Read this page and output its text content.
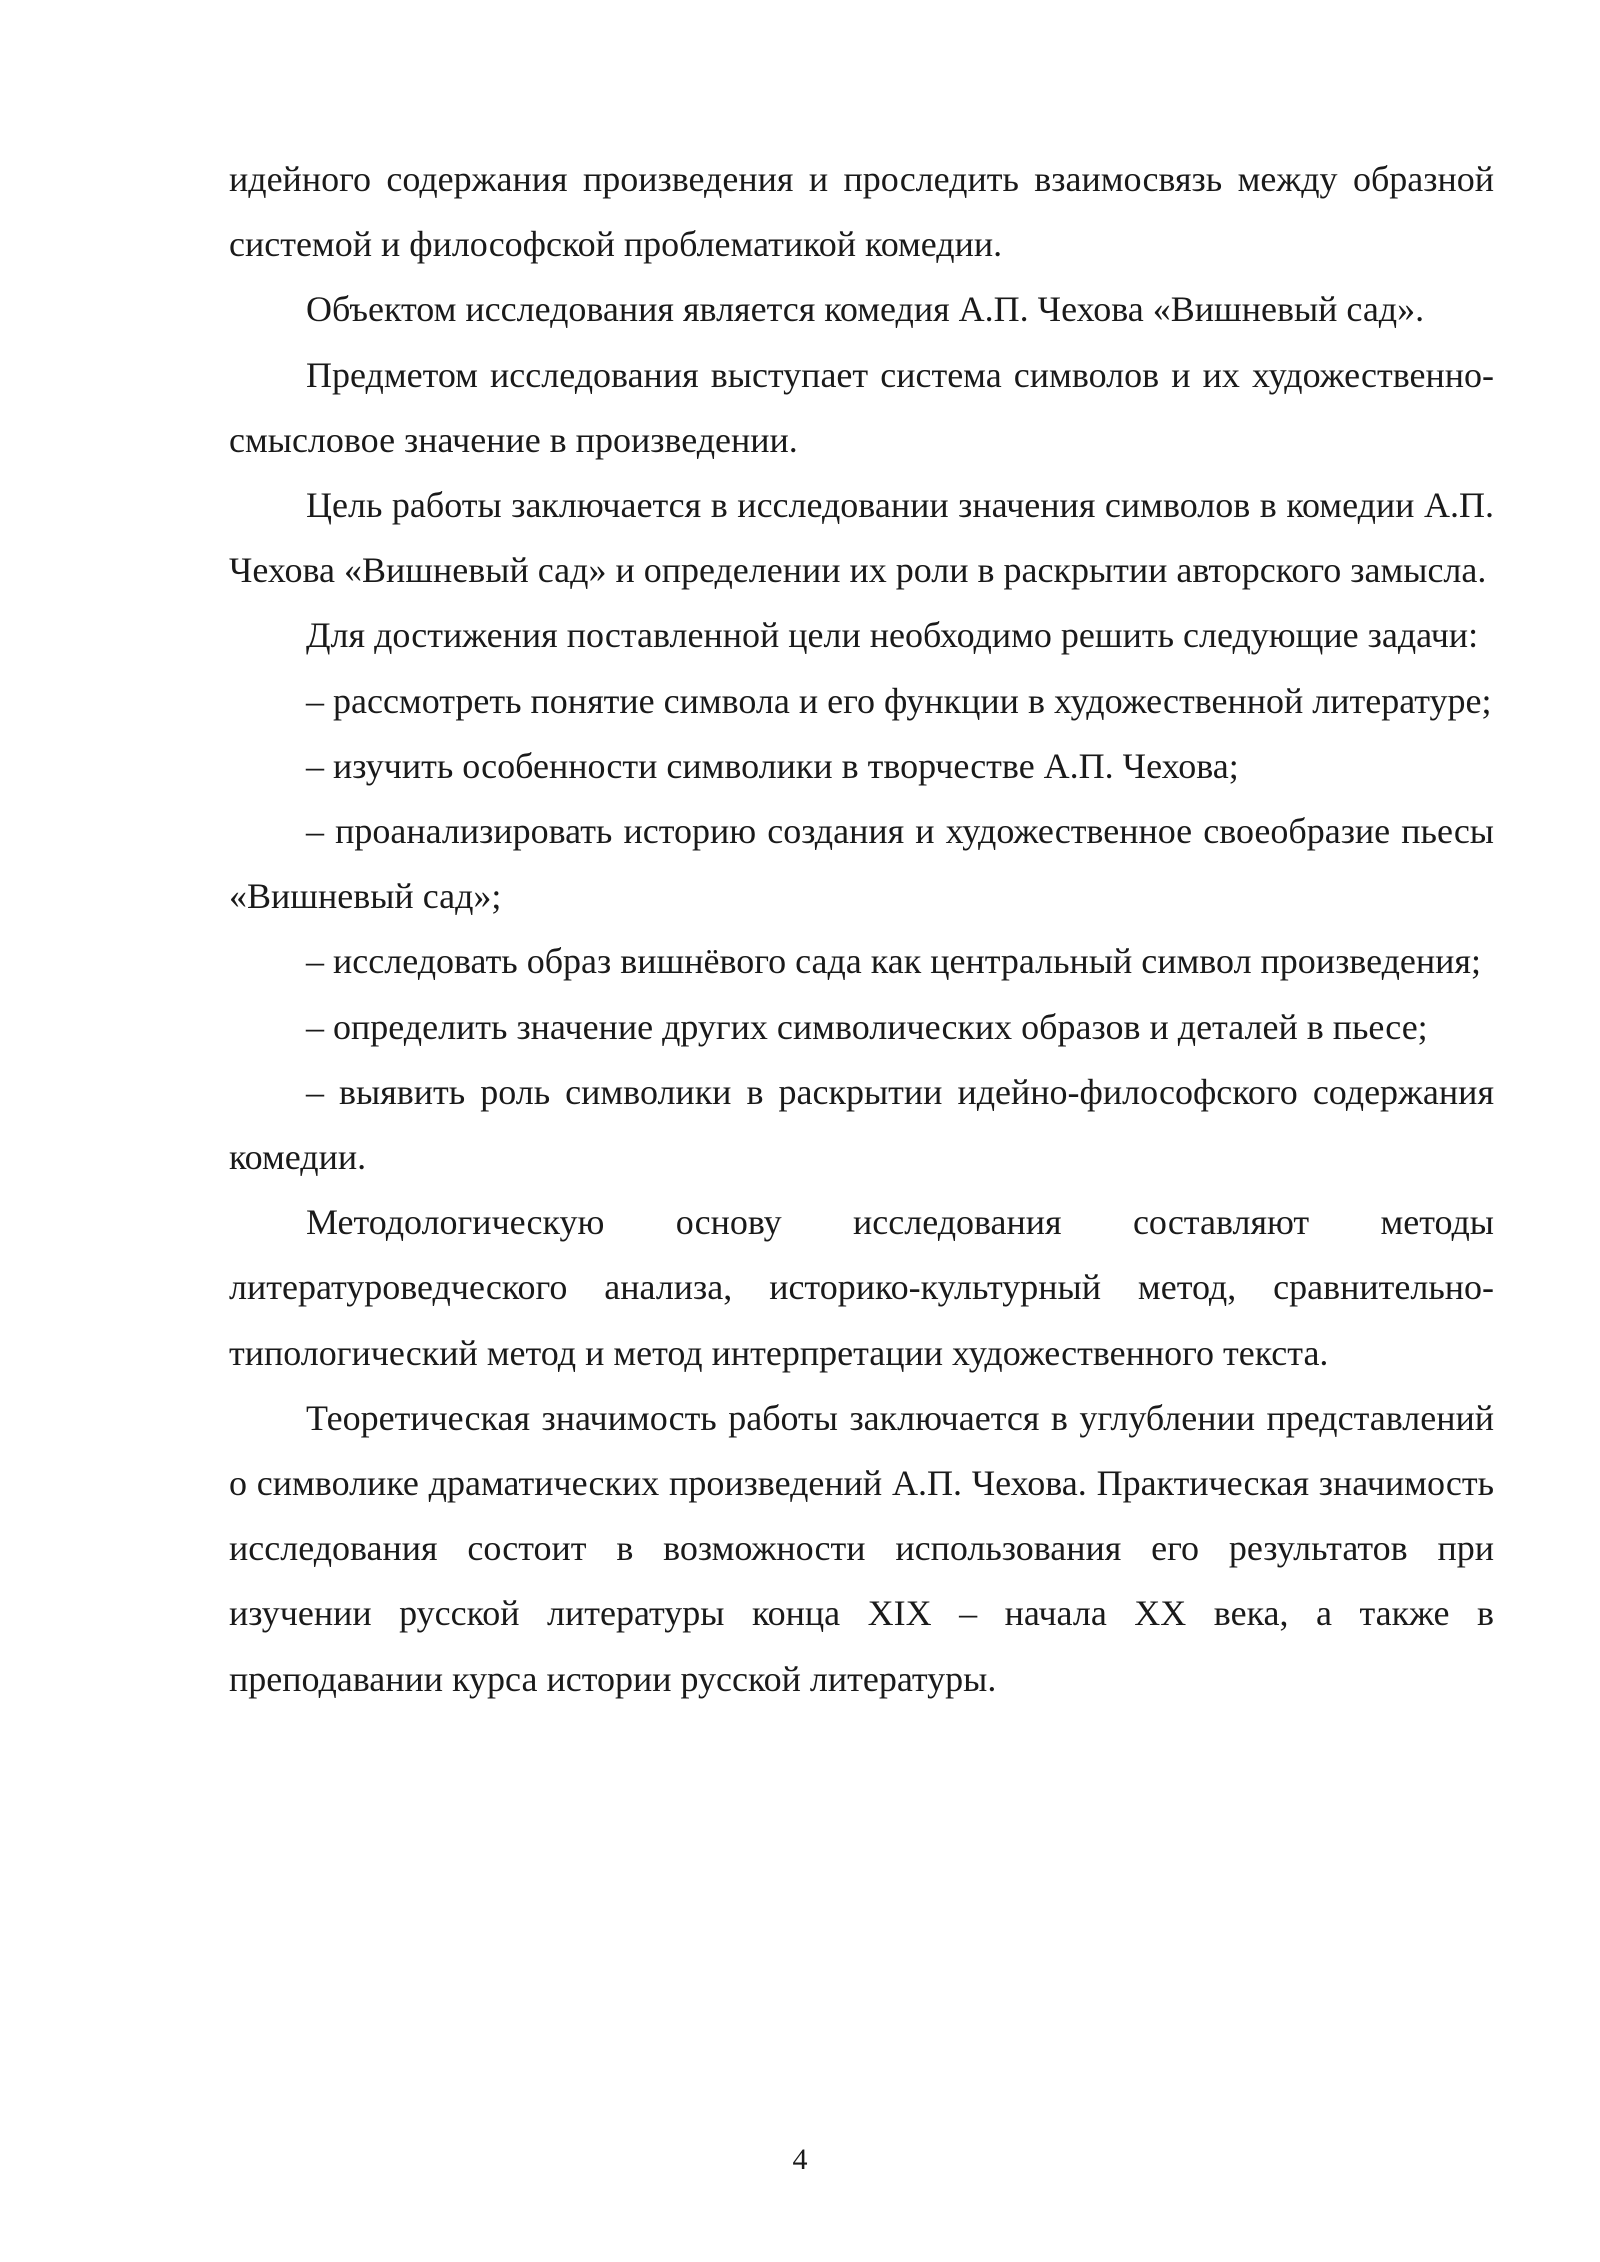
идейного содержания произведения и проследить взаимосвязь между образной системой и философской проблематикой комедии.

Объектом исследования является комедия А.П. Чехова «Вишневый сад».

Предметом исследования выступает система символов и их художественно-смысловое значение в произведении.

Цель работы заключается в исследовании значения символов в комедии А.П. Чехова «Вишневый сад» и определении их роли в раскрытии авторского замысла.

Для достижения поставленной цели необходимо решить следующие задачи:

– рассмотреть понятие символа и его функции в художественной литературе;

– изучить особенности символики в творчестве А.П. Чехова;

– проанализировать историю создания и художественное своеобразие пьесы «Вишневый сад»;

– исследовать образ вишнёвого сада как центральный символ произведения;

– определить значение других символических образов и деталей в пьесе;

– выявить роль символики в раскрытии идейно-философского содержания комедии.

Методологическую основу исследования составляют методы литературоведческого анализа, историко-культурный метод, сравнительно-типологический метод и метод интерпретации художественного текста.

Теоретическая значимость работы заключается в углублении представлений о символике драматических произведений А.П. Чехова. Практическая значимость исследования состоит в возможности использования его результатов при изучении русской литературы конца XIX – начала XX века, а также в преподавании курса истории русской литературы.

4
